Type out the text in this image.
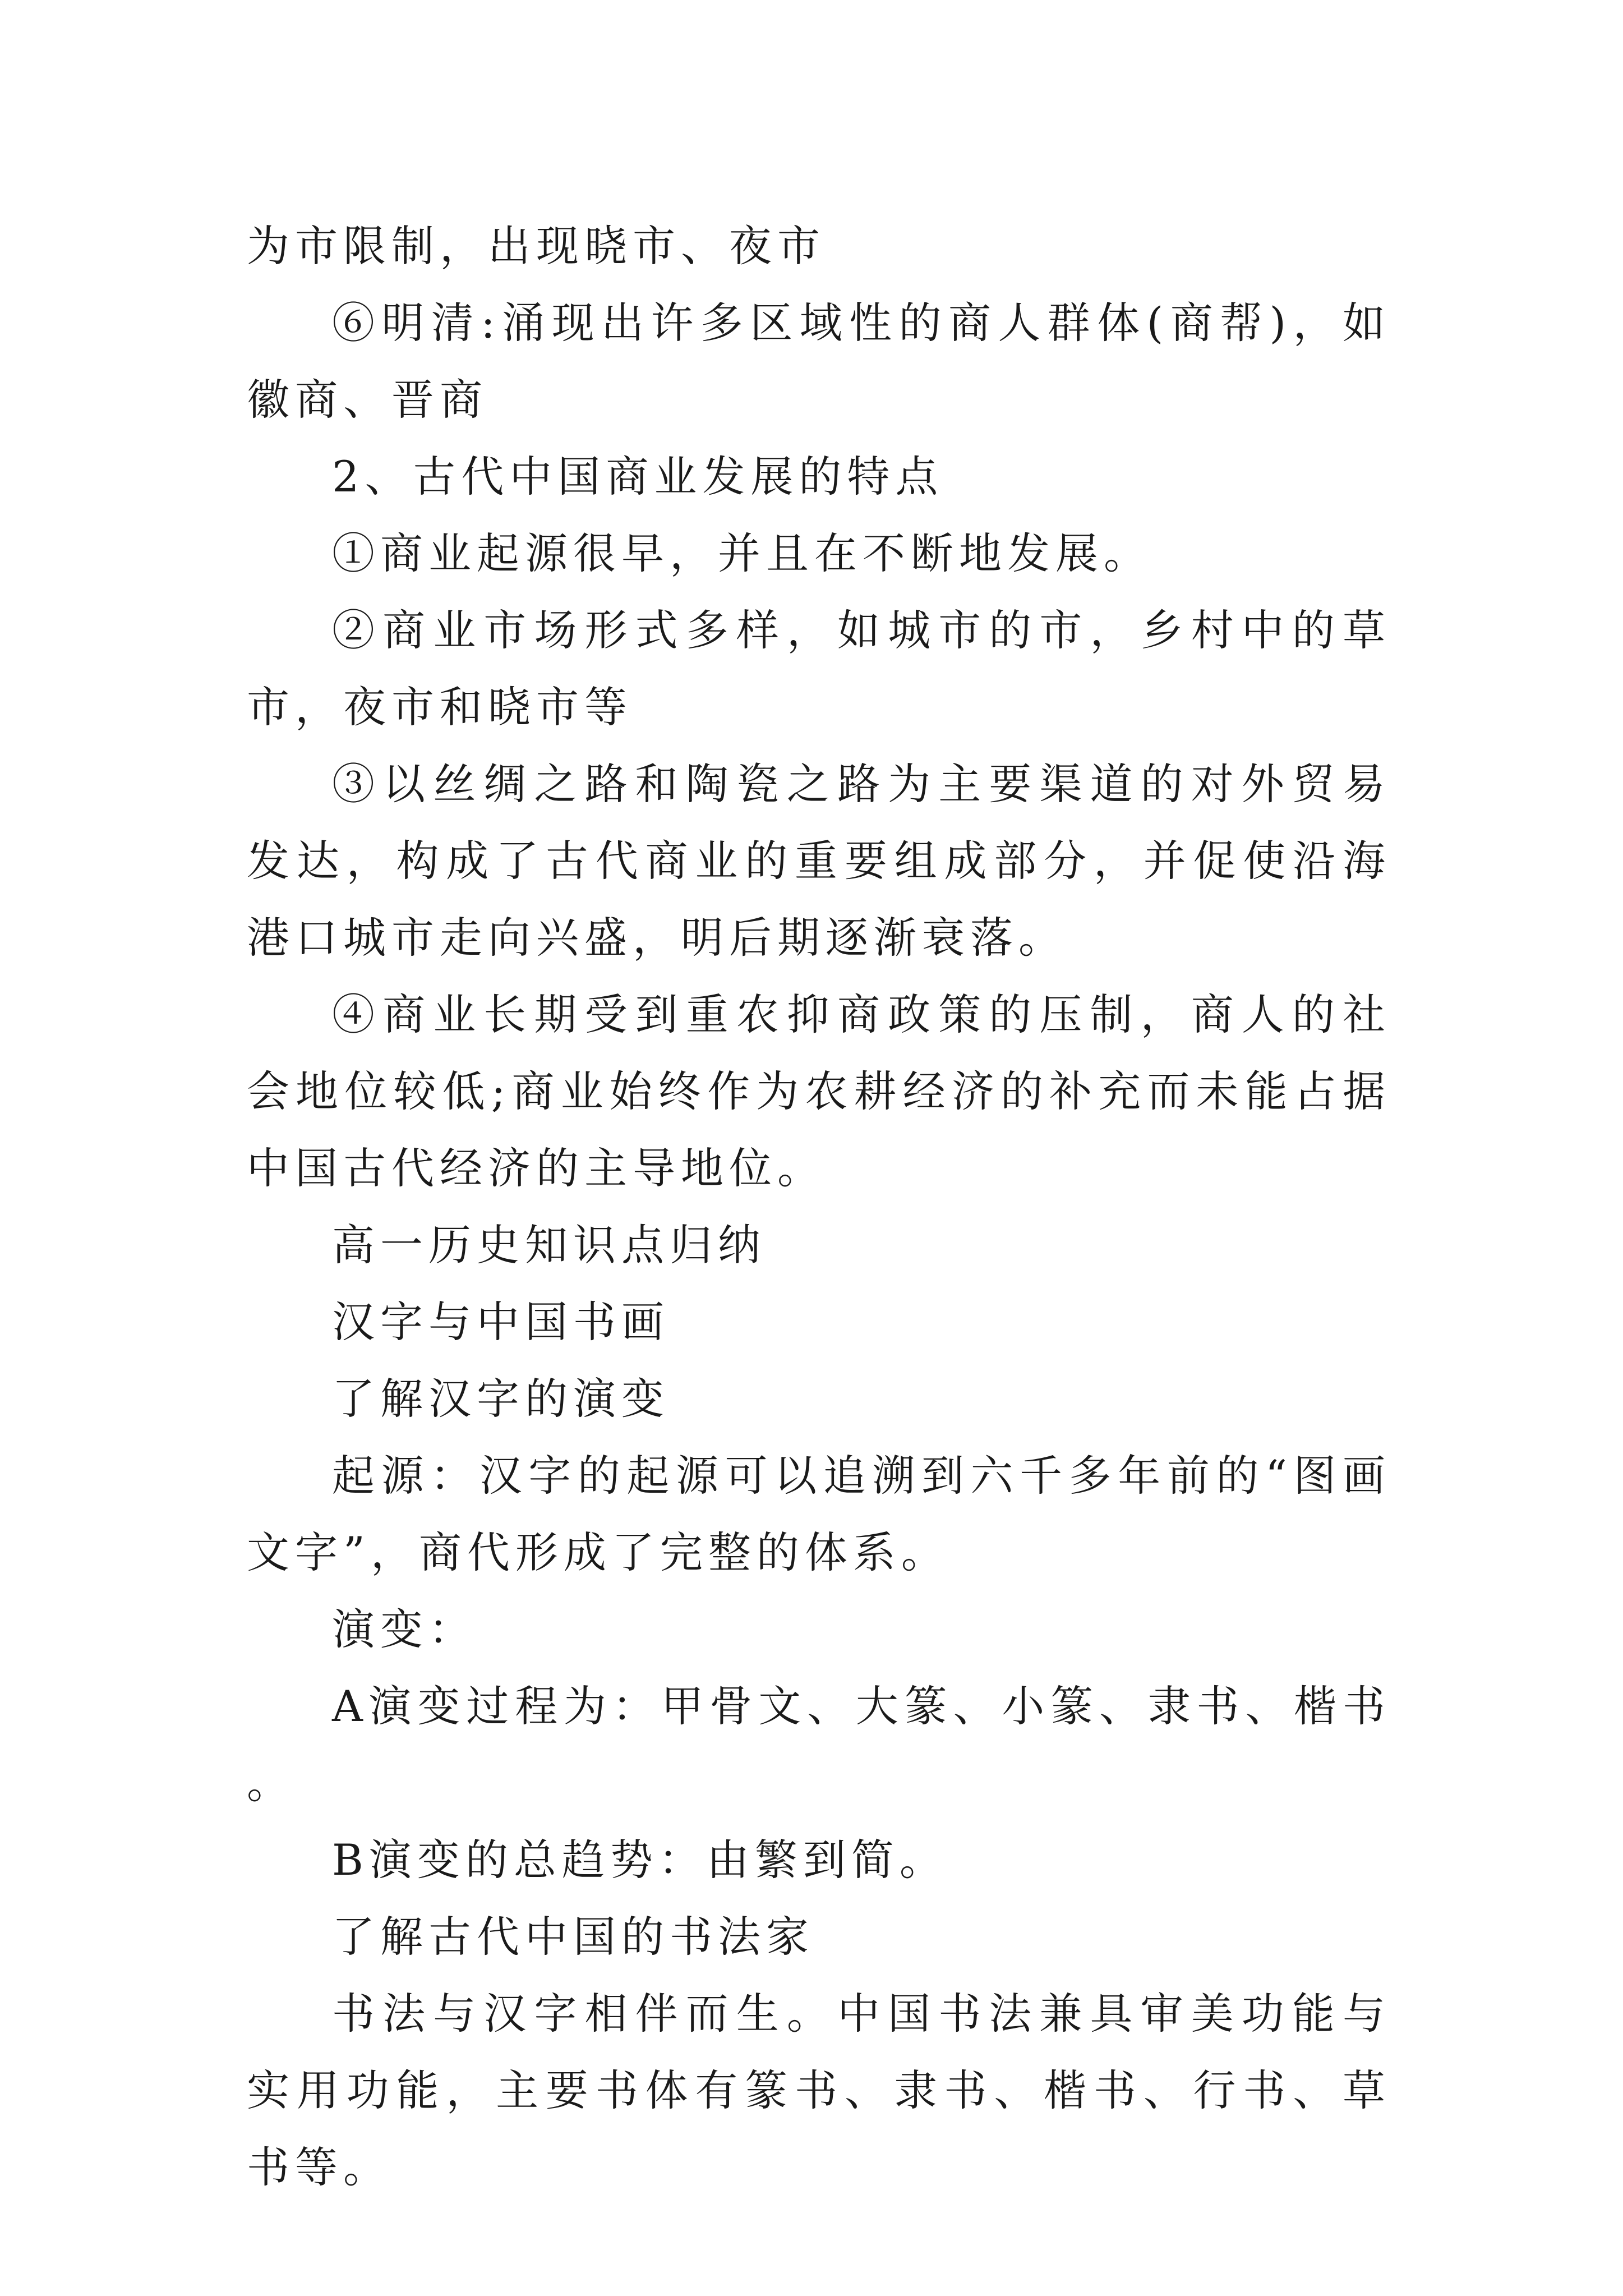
为市限制，出现晓市、夜市

⑥明清:涌现出许多区域性的商人群体(商帮)，如徽商、晋商

2、古代中国商业发展的特点

①商业起源很早，并且在不断地发展。

②商业市场形式多样，如城市的市，乡村中的草市，夜市和晓市等

③以丝绸之路和陶瓷之路为主要渠道的对外贸易发达，构成了古代商业的重要组成部分，并促使沿海港口城市走向兴盛，明后期逐渐衰落。

④商业长期受到重农抑商政策的压制，商人的社会地位较低;商业始终作为农耕经济的补充而未能占据中国古代经济的主导地位。

高一历史知识点归纳

汉字与中国书画

了解汉字的演变

起源：汉字的起源可以追溯到六千多年前的“图画文字”，商代形成了完整的体系。

演变：

A演变过程为：甲骨文、大篆、小篆、隶书、楷书。

B演变的总趋势：由繁到简。

了解古代中国的书法家

书法与汉字相伴而生。中国书法兼具审美功能与实用功能，主要书体有篆书、隶书、楷书、行书、草书等。
